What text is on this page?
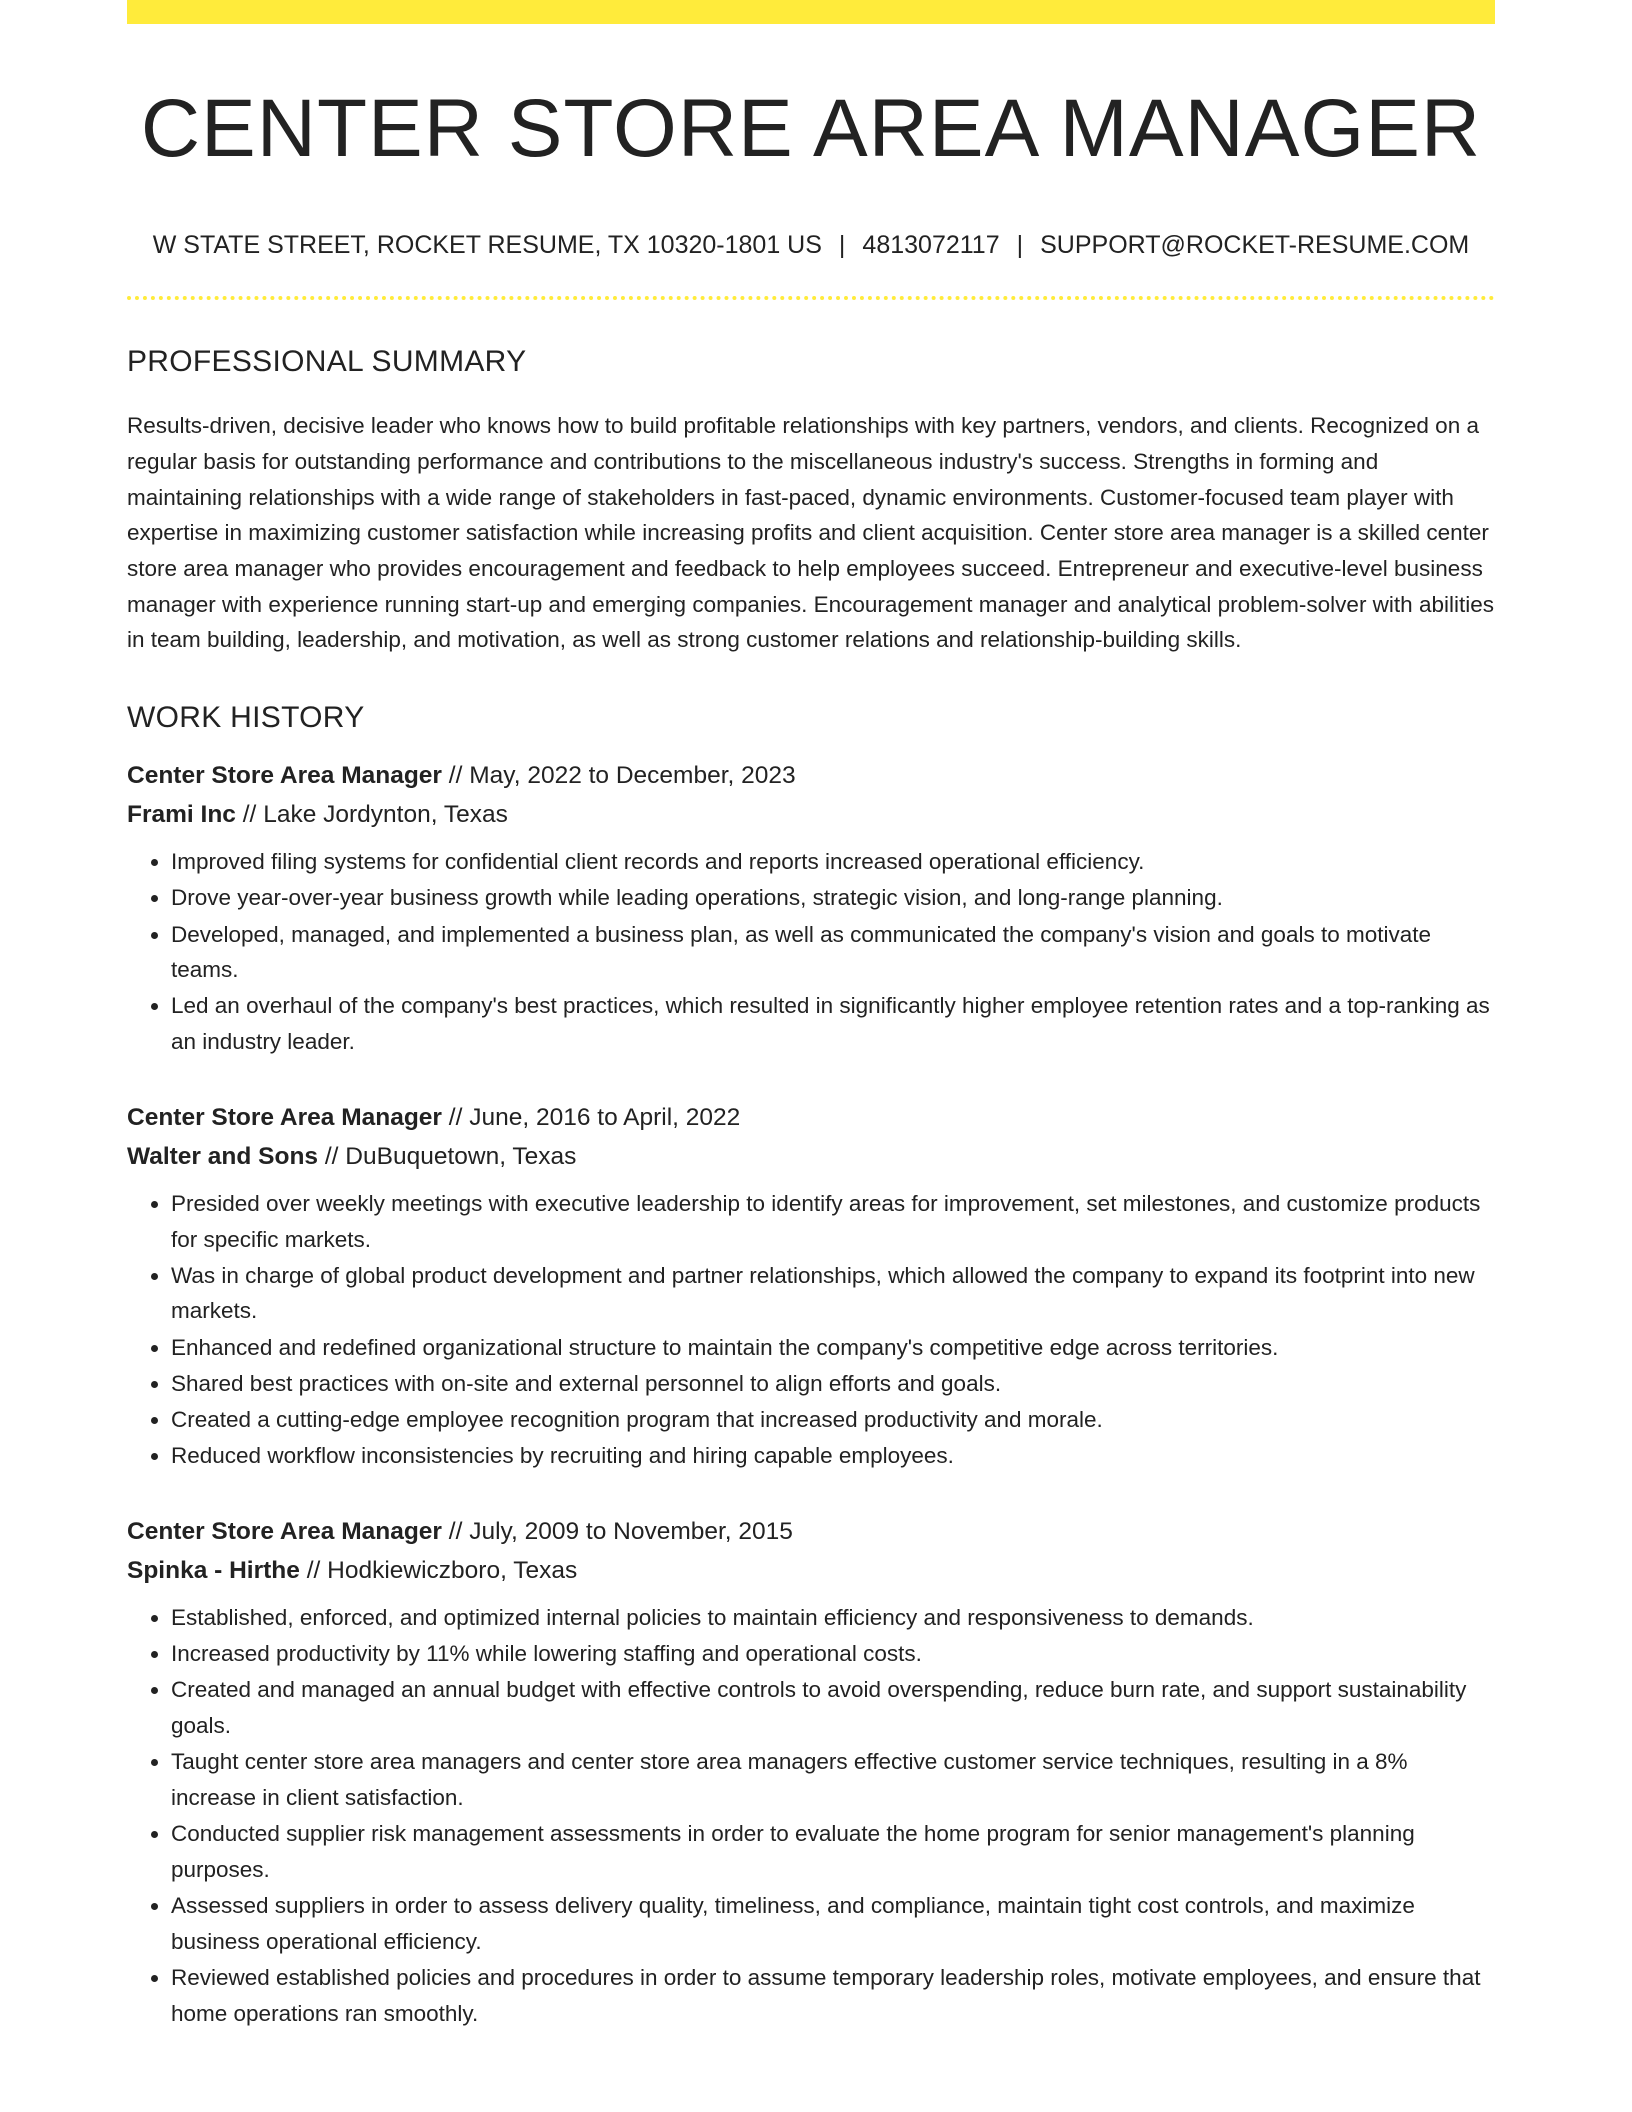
CENTER STORE AREA MANAGER
W STATE STREET, ROCKET RESUME, TX 10320-1801 US | 4813072117 | SUPPORT@ROCKET-RESUME.COM
PROFESSIONAL SUMMARY

Results-driven, decisive leader who knows how to build profitable relationships with key partners, vendors, and clients. Recognized on a regular basis for outstanding performance and contributions to the miscellaneous industry's success. Strengths in forming and maintaining relationships with a wide range of stakeholders in fast-paced, dynamic environments. Customer-focused team player with expertise in maximizing customer satisfaction while increasing profits and client acquisition. Center store area manager is a skilled center store area manager who provides encouragement and feedback to help employees succeed. Entrepreneur and executive-level business manager with experience running start-up and emerging companies. Encouragement manager and analytical problem-solver with abilities in team building, leadership, and motivation, as well as strong customer relations and relationship-building skills.

WORK HISTORY
Center Store Area Manager // May, 2022 to December, 2023
Frami Inc // Lake Jordynton, Texas
• Improved filing systems for confidential client records and reports increased operational efficiency.
• Drove year-over-year business growth while leading operations, strategic vision, and long-range planning.
• Developed, managed, and implemented a business plan, as well as communicated the company's vision and goals to motivate teams.
• Led an overhaul of the company's best practices, which resulted in significantly higher employee retention rates and a top-ranking as an industry leader.
Center Store Area Manager // June, 2016 to April, 2022
Walter and Sons // DuBuquetown, Texas
• Presided over weekly meetings with executive leadership to identify areas for improvement, set milestones, and customize products for specific markets.
• Was in charge of global product development and partner relationships, which allowed the company to expand its footprint into new markets.
• Enhanced and redefined organizational structure to maintain the company's competitive edge across territories.
• Shared best practices with on-site and external personnel to align efforts and goals.
• Created a cutting-edge employee recognition program that increased productivity and morale.
• Reduced workflow inconsistencies by recruiting and hiring capable employees.
Center Store Area Manager // July, 2009 to November, 2015
Spinka - Hirthe // Hodkiewiczboro, Texas
• Established, enforced, and optimized internal policies to maintain efficiency and responsiveness to demands.
• Increased productivity by 11% while lowering staffing and operational costs.
• Created and managed an annual budget with effective controls to avoid overspending, reduce burn rate, and support sustainability goals.
• Taught center store area managers and center store area managers effective customer service techniques, resulting in a 8% increase in client satisfaction.
• Conducted supplier risk management assessments in order to evaluate the home program for senior management's planning purposes.
• Assessed suppliers in order to assess delivery quality, timeliness, and compliance, maintain tight cost controls, and maximize business operational efficiency.
• Reviewed established policies and procedures in order to assume temporary leadership roles, motivate employees, and ensure that home operations ran smoothly.
